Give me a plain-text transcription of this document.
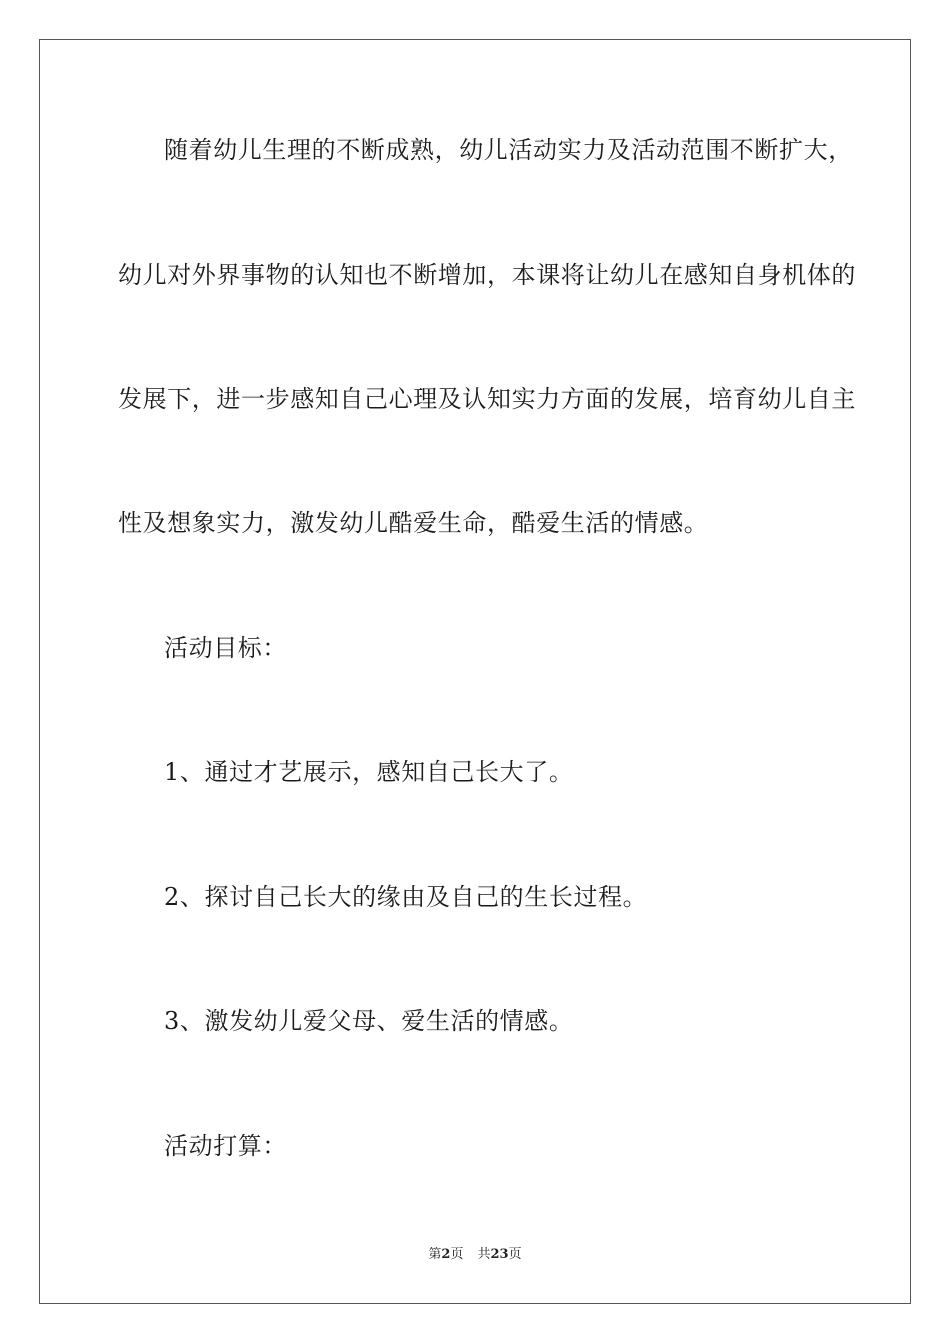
随着幼儿生理的不断成熟，幼儿活动实力及活动范围不断扩大，
幼儿对外界事物的认知也不断增加，本课将让幼儿在感知自身机体的
发展下，进一步感知自己心理及认知实力方面的发展，培育幼儿自主
性及想象实力，激发幼儿酷爱生命，酷爱生活的情感。
活动目标：
1、通过才艺展示，感知自己长大了。
2、探讨自己长大的缘由及自己的生长过程。
3、激发幼儿爱父母、爱生活的情感。
活动打算：
第2页 共23页
